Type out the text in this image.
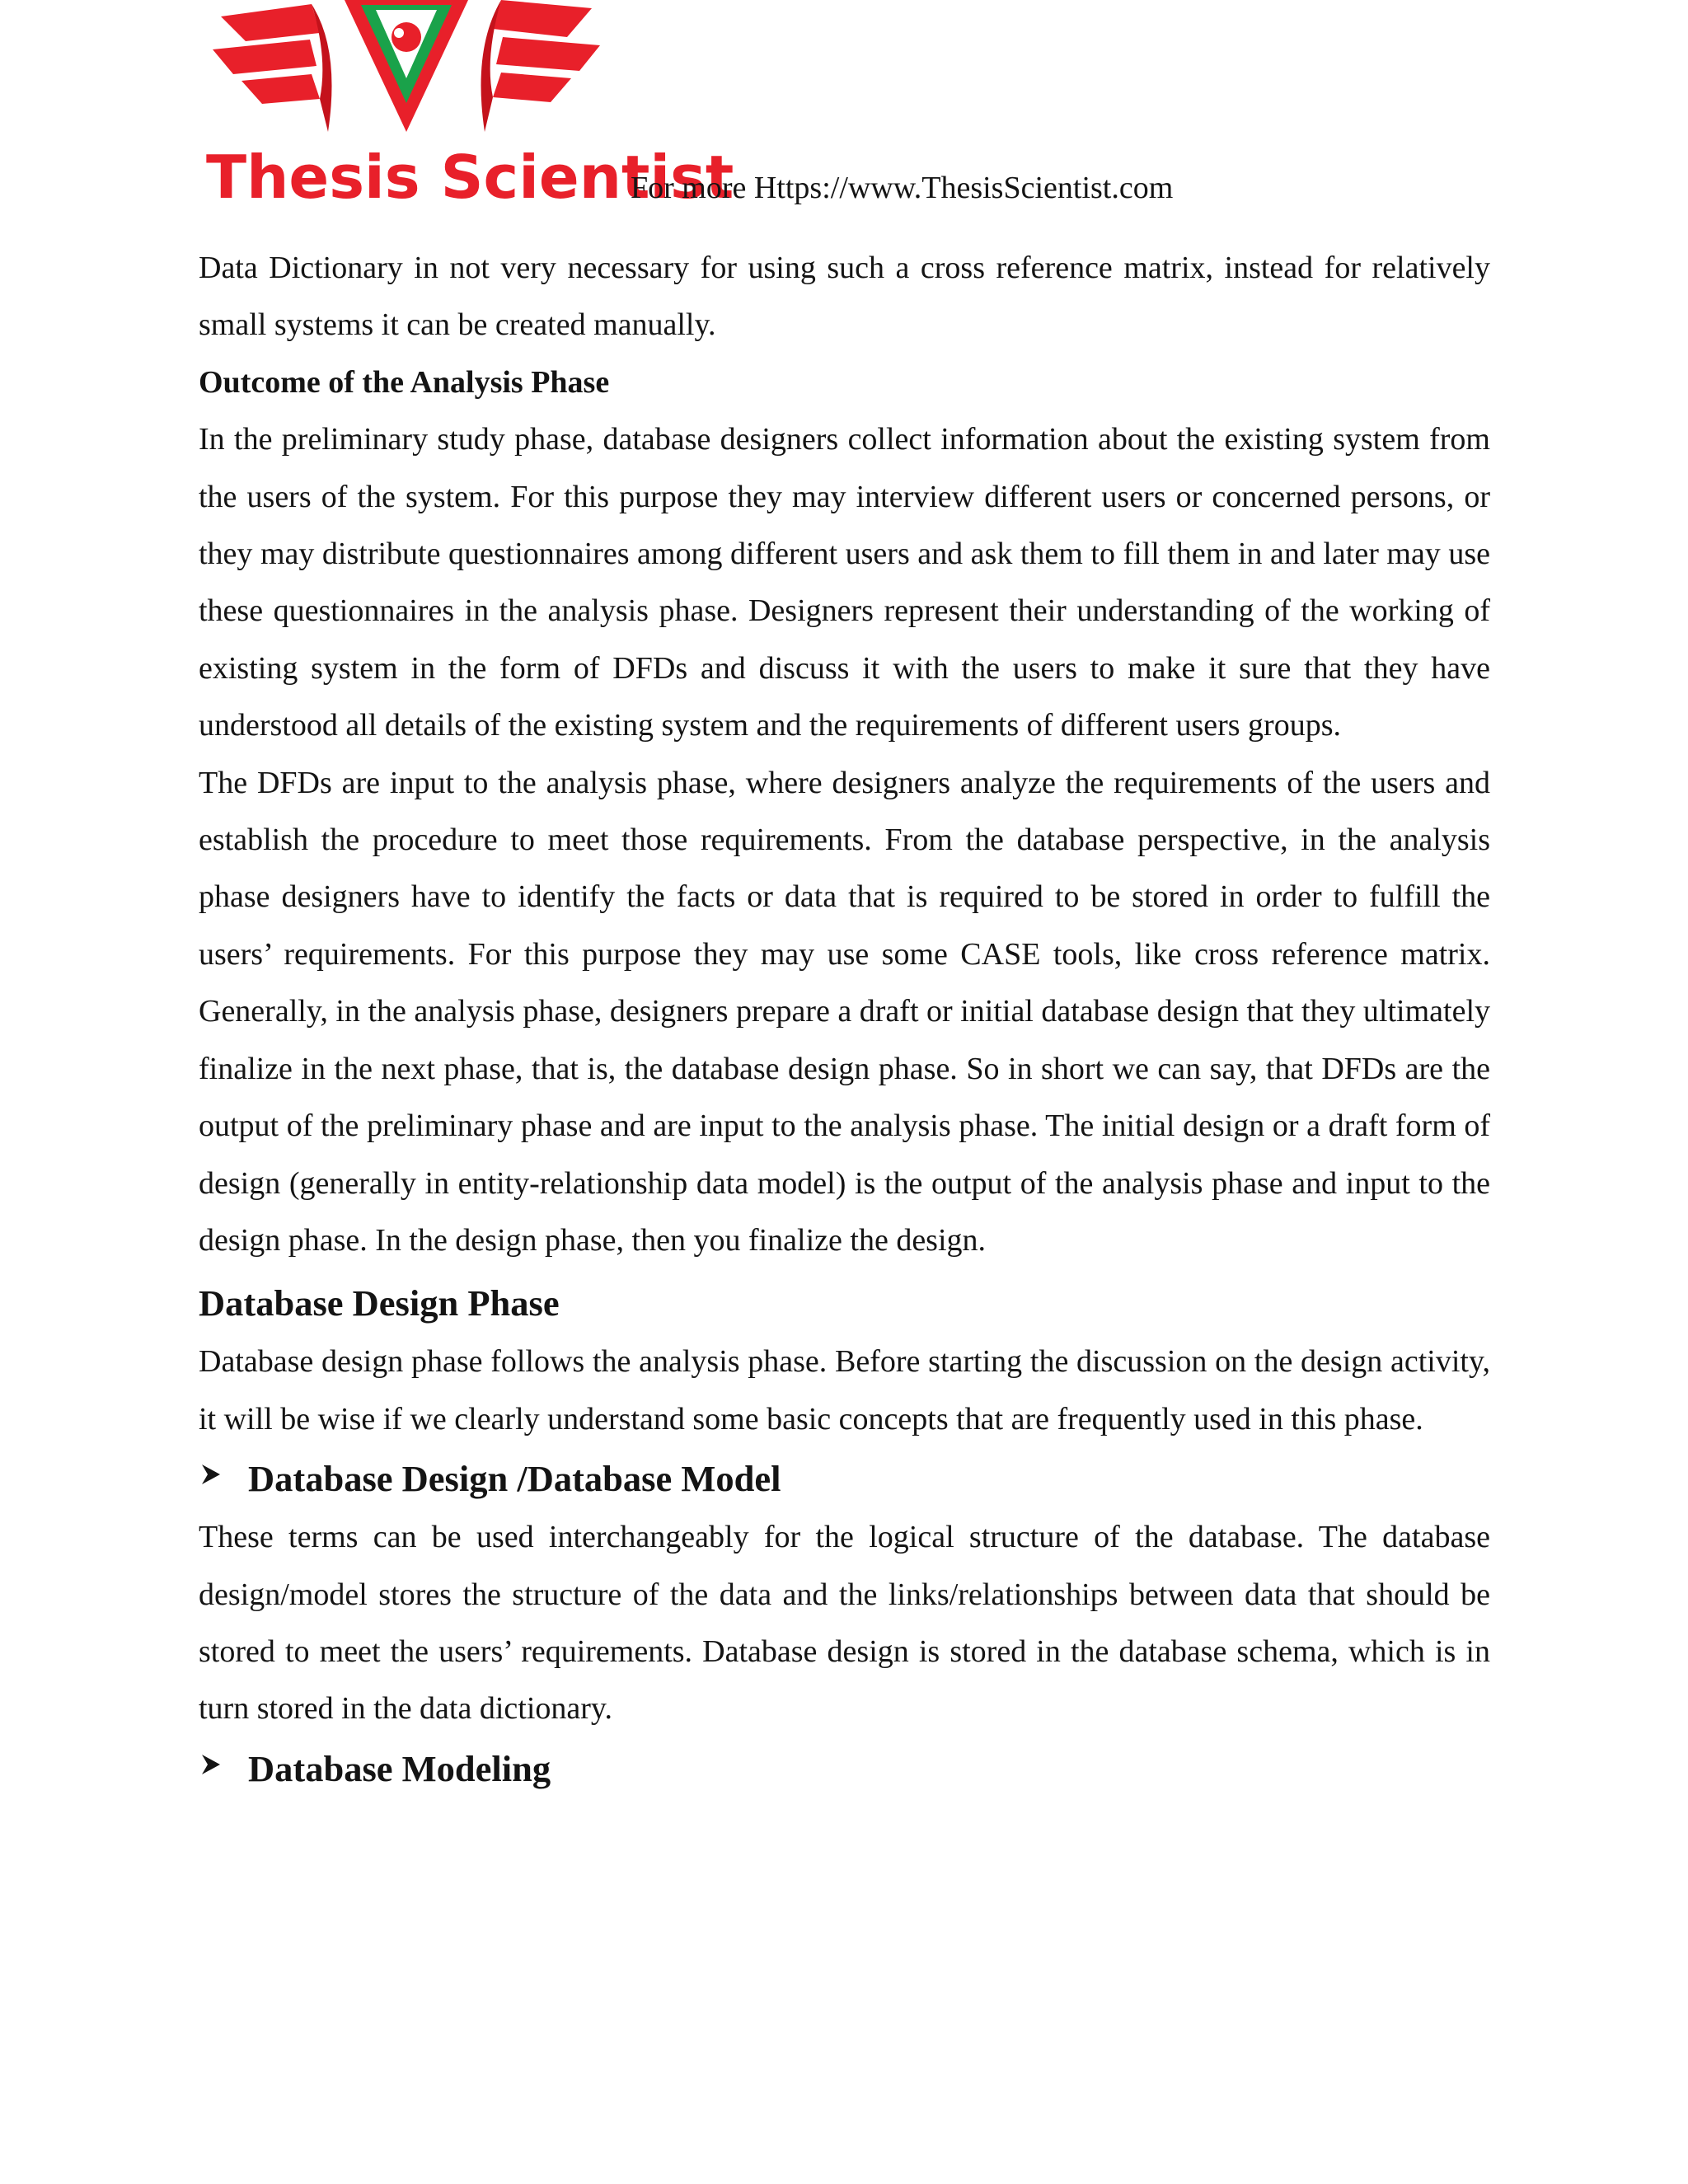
Thesis Scientist
For more Https://www.ThesisScientist.com

Data Dictionary in not very necessary for using such a cross reference matrix, instead for relatively small systems it can be created manually.

Outcome of the Analysis Phase

In the preliminary study phase, database designers collect information about the existing system from the users of the system. For this purpose they may interview different users or concerned persons, or they may distribute questionnaires among different users and ask them to fill them in and later may use these questionnaires in the analysis phase. Designers represent their understanding of the working of existing system in the form of DFDs and discuss it with the users to make it sure that they have understood all details of the existing system and the requirements of different users groups.

The DFDs are input to the analysis phase, where designers analyze the requirements of the users and establish the procedure to meet those requirements. From the database perspective, in the analysis phase designers have to identify the facts or data that is required to be stored in order to fulfill the users’ requirements. For this purpose they may use some CASE tools, like cross reference matrix. Generally, in the analysis phase, designers prepare a draft or initial database design that they ultimately finalize in the next phase, that is, the database design phase. So in short we can say, that DFDs are the output of the preliminary phase and are input to the analysis phase. The initial design or a draft form of design (generally in entity-relationship data model) is the output of the analysis phase and input to the design phase. In the design phase, then you finalize the design.

Database Design Phase

Database design phase follows the analysis phase. Before starting the discussion on the design activity, it will be wise if we clearly understand some basic concepts that are frequently used in this phase.

Database Design /Database Model

These terms can be used interchangeably for the logical structure of the database. The database design/model stores the structure of the data and the links/relationships between data that should be stored to meet the users’ requirements. Database design is stored in the database schema, which is in turn stored in the data dictionary.

Database Modeling
